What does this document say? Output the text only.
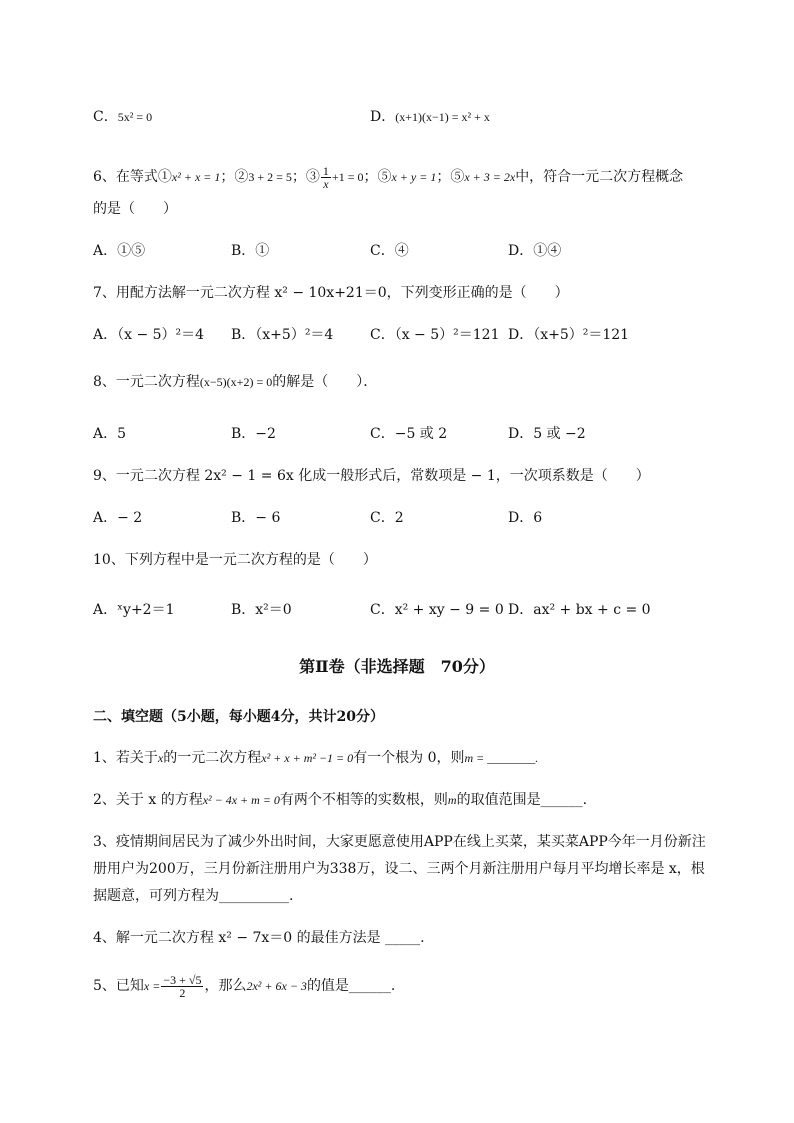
C．5x² = 0	D．(x+1)(x−1) = x² + x
6、在等式①x² + x = 1；②3 + 2 = 5；③ $\frac{1}{x} +1 = 0$；⑤x + y = 1；⑤x + 3 = 2x中，符合一元二次方程概念
的是（　　）
A．①⑤	B．①	C．④	D．①④
7、用配方法解一元二次方程 x² − 10x+21＝0，下列变形正确的是（　　）
A．（x − 5）²＝4 B．（x+5）²＝4	C．（x − 5）²＝121 D．（x+5）²＝121
8、一元二次方程(x−5)(x+2) = 0的解是（　　）．
A．5	B．−2	C．−5 或 2	D．5 或 −2
9、一元二次方程 2x² − 1 = 6x 化成一般形式后，常数项是 − 1，一次项系数是（　　）
A．− 2	B．− 6	C．2	D．6
10、下列方程中是一元二次方程的是（　　）
A．ˣy+2＝1	B．x²＝0	C．x² + xy − 9 = 0 D．ax² + bx + c = 0
第Ⅱ卷（非选择题　70分）
二、填空题（5小题，每小题4分，共计20分）
1、若关于x的一元二次方程x² + x + m² −1 = 0有一个根为 0，则m = ________.
2、关于 x 的方程x² − 4x + m = 0有两个不相等的实数根，则m的取值范围是______.
3、疫情期间居民为了减少外出时间，大家更愿意使用APP在线上买菜，某买菜APP今年一月份新注
册用户为200万，三月份新注册用户为338万，设二、三两个月新注册用户每月平均增长率是 x，根
据题意，可列方程为__________.
4、解一元二次方程 x² − 7x＝0 的最佳方法是 _____.
5、已知$x = \frac{-3 + √5}{2}$ ，那么2x² + 6x − 3的值是______.
